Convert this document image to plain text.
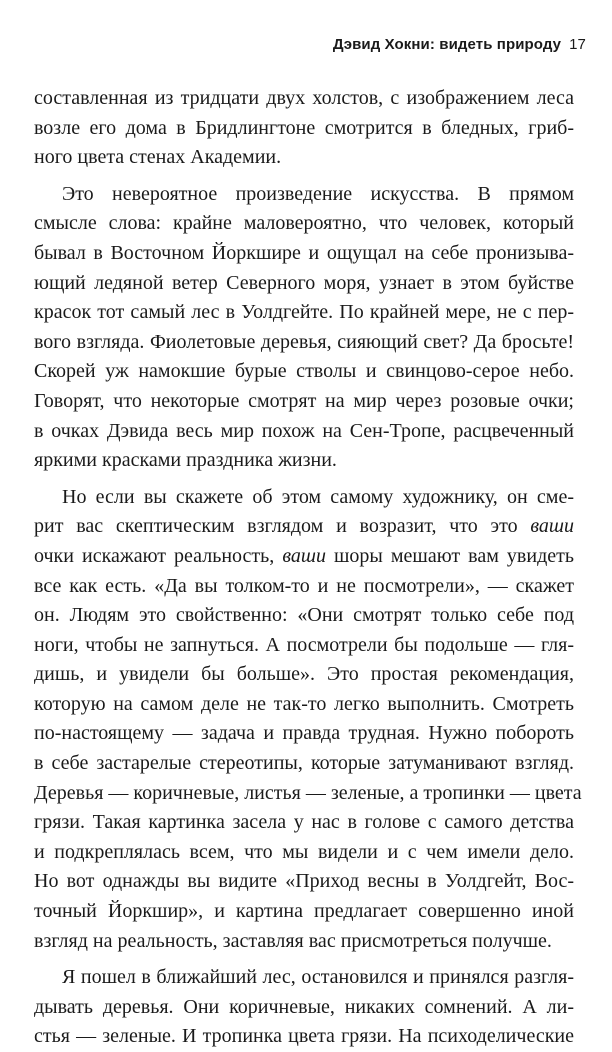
Дэвид Хокни: видеть природу 17
составленная из тридцати двух холстов, с изображением леса
возле его дома в Бридлингтоне смотрится в бледных, гриб-
ного цвета стенах Академии.
Это невероятное произведение искусства. В прямом
смысле слова: крайне маловероятно, что человек, который
бывал в Восточном Йоркшире и ощущал на себе пронизыва-
ющий ледяной ветер Северного моря, узнает в этом буйстве
красок тот самый лес в Уолдгейте. По крайней мере, не с пер-
вого взгляда. Фиолетовые деревья, сияющий свет? Да бросьте!
Скорей уж намокшие бурые стволы и свинцово-серое небо.
Говорят, что некоторые смотрят на мир через розовые очки;
в очках Дэвида весь мир похож на Сен-Тропе, расцвеченный
яркими красками праздника жизни.
Но если вы скажете об этом самому художнику, он сме-
рит вас скептическим взглядом и возразит, что это ваши
очки искажают реальность, ваши шоры мешают вам увидеть
все как есть. «Да вы толком-то и не посмотрели», — скажет
он. Людям это свойственно: «Они смотрят только себе под
ноги, чтобы не запнуться. А посмотрели бы подольше — гля-
дишь, и увидели бы больше». Это простая рекомендация,
которую на самом деле не так-то легко выполнить. Смотреть
по-настоящему — задача и правда трудная. Нужно побороть
в себе застарелые стереотипы, которые затуманивают взгляд.
Деревья — коричневые, листья — зеленые, а тропинки — цвета
грязи. Такая картинка засела у нас в голове с самого детства
и подкреплялась всем, что мы видели и с чем имели дело.
Но вот однажды вы видите «Приход весны в Уолдгейт, Вос-
точный Йоркшир», и картина предлагает совершенно иной
взгляд на реальность, заставляя вас присмотреться получше.
Я пошел в ближайший лес, остановился и принялся разгля-
дывать деревья. Они коричневые, никаких сомнений. А ли-
стья — зеленые. И тропинка цвета грязи. На психоделические
